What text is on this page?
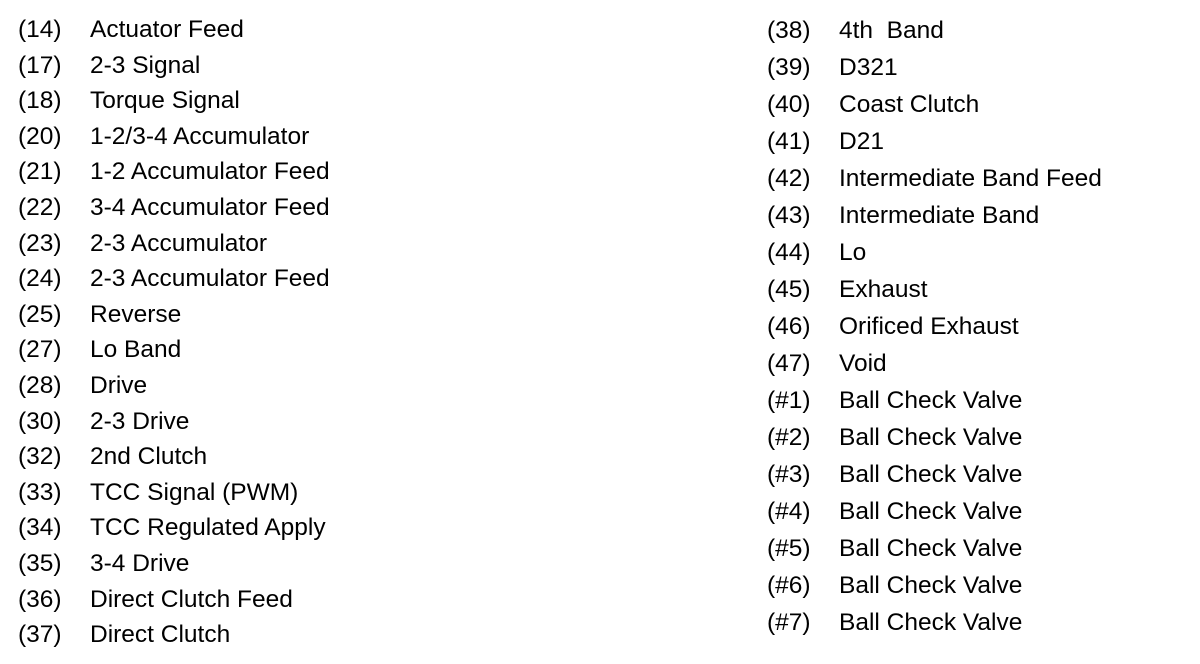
(14)	Actuator Feed
(17)	2-3 Signal
(18)	Torque Signal
(20)	1-2/3-4 Accumulator
(21)	1-2 Accumulator Feed
(22)	3-4 Accumulator Feed
(23)	2-3 Accumulator
(24)	2-3 Accumulator Feed
(25)	Reverse
(27)	Lo Band
(28)	Drive
(30)	2-3 Drive
(32)	2nd Clutch
(33)	TCC Signal (PWM)
(34)	TCC Regulated Apply
(35)	3-4 Drive
(36)	Direct Clutch Feed
(37)	Direct Clutch
(38)	4th  Band
(39)	D321
(40)	Coast Clutch
(41)	D21
(42)	Intermediate Band Feed
(43)	Intermediate Band
(44)	Lo
(45)	Exhaust
(46)	Orificed Exhaust
(47)	Void
(#1)	Ball Check Valve
(#2)	Ball Check Valve
(#3)	Ball Check Valve
(#4)	Ball Check Valve
(#5)	Ball Check Valve
(#6)	Ball Check Valve
(#7)	Ball Check Valve
